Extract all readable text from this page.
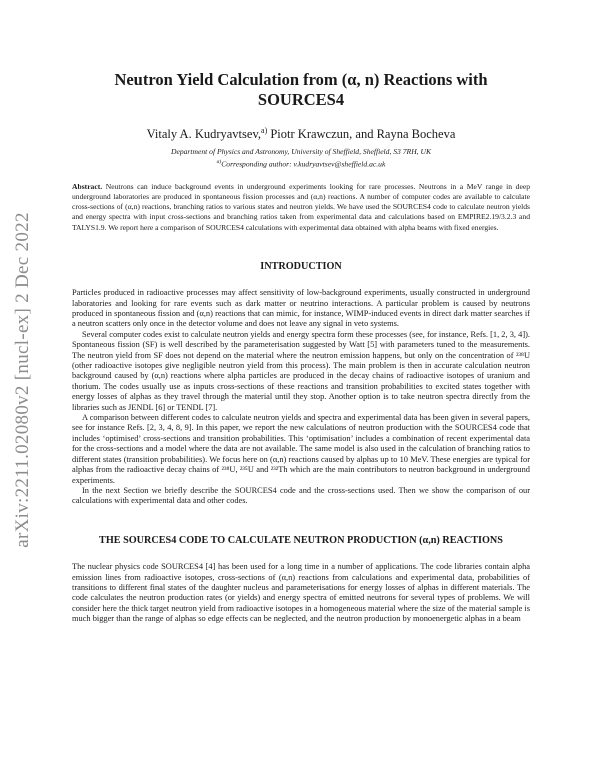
arXiv:2211.02080v2 [nucl-ex] 2 Dec 2022
Neutron Yield Calculation from (α, n) Reactions with SOURCES4
Vitaly A. Kudryavtsev,$^{a)}$ Piotr Krawczun, and Rayna Bocheva
Department of Physics and Astronomy, University of Sheffield, Sheffield, S3 7RH, UK
$^{a)}$Corresponding author: v.kudryavtsev@sheffield.ac.uk
Abstract. Neutrons can induce background events in underground experiments looking for rare processes. Neutrons in a MeV range in deep underground laboratories are produced in spontaneous fission processes and (α,n) reactions. A number of computer codes are available to calculate cross-sections of (α,n) reactions, branching ratios to various states and neutron yields. We have used the SOURCES4 code to calculate neutron yields and energy spectra with input cross-sections and branching ratios taken from experimental data and calculations based on EMPIRE2.19/3.2.3 and TALYS1.9. We report here a comparison of SOURCES4 calculations with experimental data obtained with alpha beams with fixed energies.
INTRODUCTION

Particles produced in radioactive processes may affect sensitivity of low-background experiments, usually constructed in underground laboratories and looking for rare events such as dark matter or neutrino interactions. A particular problem is caused by neutrons produced in spontaneous fission and (α,n) reactions that can mimic, for instance, WIMP-induced events in direct dark matter searches if a neutron scatters only once in the detector volume and does not leave any signal in veto systems.

Several computer codes exist to calculate neutron yields and energy spectra form these processes (see, for instance, Refs. [1, 2, 3, 4]). Spontaneous fission (SF) is well described by the parameterisation suggested by Watt [5] with parameters tuned to the measurements. The neutron yield from SF does not depend on the material where the neutron emission happens, but only on the concentration of ²³⁸U (other radioactive isotopes give negligible neutron yield from this process). The main problem is then in accurate calculation neutron background caused by (α,n) reactions where alpha particles are produced in the decay chains of radioactive isotopes of uranium and thorium. The codes usually use as inputs cross-sections of these reactions and transition probabilities to excited states together with energy losses of alphas as they travel through the material until they stop. Another option is to take neutron spectra directly from the libraries such as JENDL [6] or TENDL [7].

A comparison between different codes to calculate neutron yields and spectra and experimental data has been given in several papers, see for instance Refs. [2, 3, 4, 8, 9]. In this paper, we report the new calculations of neutron production with the SOURCES4 code that includes ‘optimised’ cross-sections and transition probabilities. This ‘optimisation’ includes a combination of recent experimental data for the cross-sections and a model where the data are not available. The same model is also used in the calculation of branching ratios to different states (transition probabilities). We focus here on (α,n) reactions caused by alphas up to 10 MeV. These energies are typical for alphas from the radioactive decay chains of ²³⁸U, ²³⁵U and ²³²Th which are the main contributors to neutron background in underground experiments.

In the next Section we briefly describe the SOURCES4 code and the cross-sections used. Then we show the comparison of our calculations with experimental data and other codes.

THE SOURCES4 CODE TO CALCULATE NEUTRON PRODUCTION (α,n) REACTIONS

The nuclear physics code SOURCES4 [4] has been used for a long time in a number of applications. The code libraries contain alpha emission lines from radioactive isotopes, cross-sections of (α,n) reactions from calculations and experimental data, probabilities of transitions to different final states of the daughter nucleus and parameterisations for energy losses of alphas in different materials. The code calculates the neutron production rates (or yields) and energy spectra of emitted neutrons for several types of problems. We will consider here the thick target neutron yield from radioactive isotopes in a homogeneous material where the size of the material sample is much bigger than the range of alphas so edge effects can be neglected, and the neutron production by monoenergetic alphas in a beam
